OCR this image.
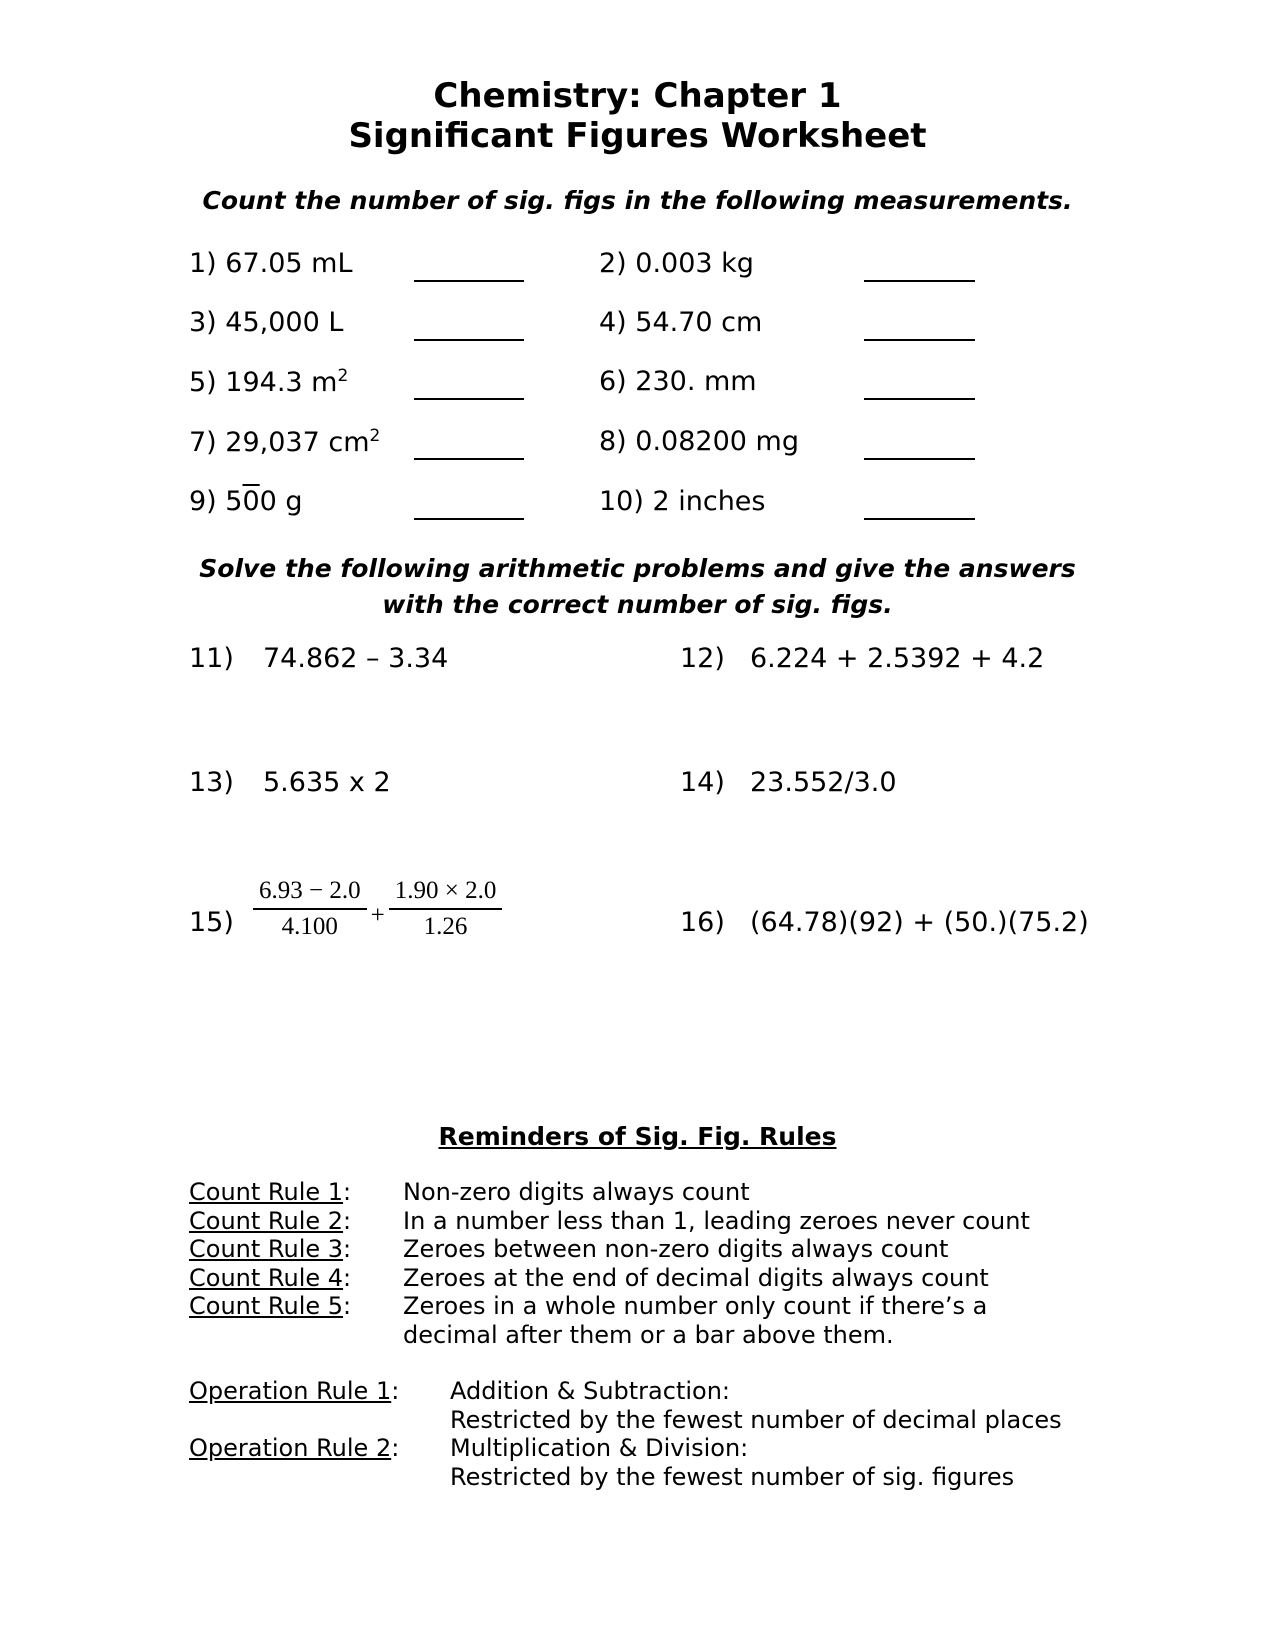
Chemistry: Chapter 1
Significant Figures Worksheet
Count the number of sig. figs in the following measurements.
1) 67.05 mL	2) 0.003 kg
3) 45,000 L	4) 54.70 cm
5) 194.3 $m^2$	6) 230. mm
7) 29,037 $cm^2$	8) 0.08200 mg
9) 500 g	10) 2 inches
Solve the following arithmetic problems and give the answers
with the correct number of sig. figs.
11) 74.862 – 3.34	12) 6.224 + 2.5392 + 4.2
13) 5.635 x 2	14) 23.552/3.0
$15) \frac{6.93 - 2.0}{4.100} + \frac{1.90 \times 2.0}{1.26}$	16) (64.78)(92) + (50.)(75.2)
Reminders of Sig. Fig. Rules
Count Rule 1:	Non-zero digits always count
Count Rule 2:	In a number less than 1, leading zeroes never count
Count Rule 3:	Zeroes between non-zero digits always count
Count Rule 4:	Zeroes at the end of decimal digits always count
Count Rule 5:	Zeroes in a whole number only count if there’s a
decimal after them or a bar above them.
Operation Rule 1:	Addition & Subtraction:
Restricted by the fewest number of decimal places
Operation Rule 2:	Multiplication & Division:
Restricted by the fewest number of sig. figures
